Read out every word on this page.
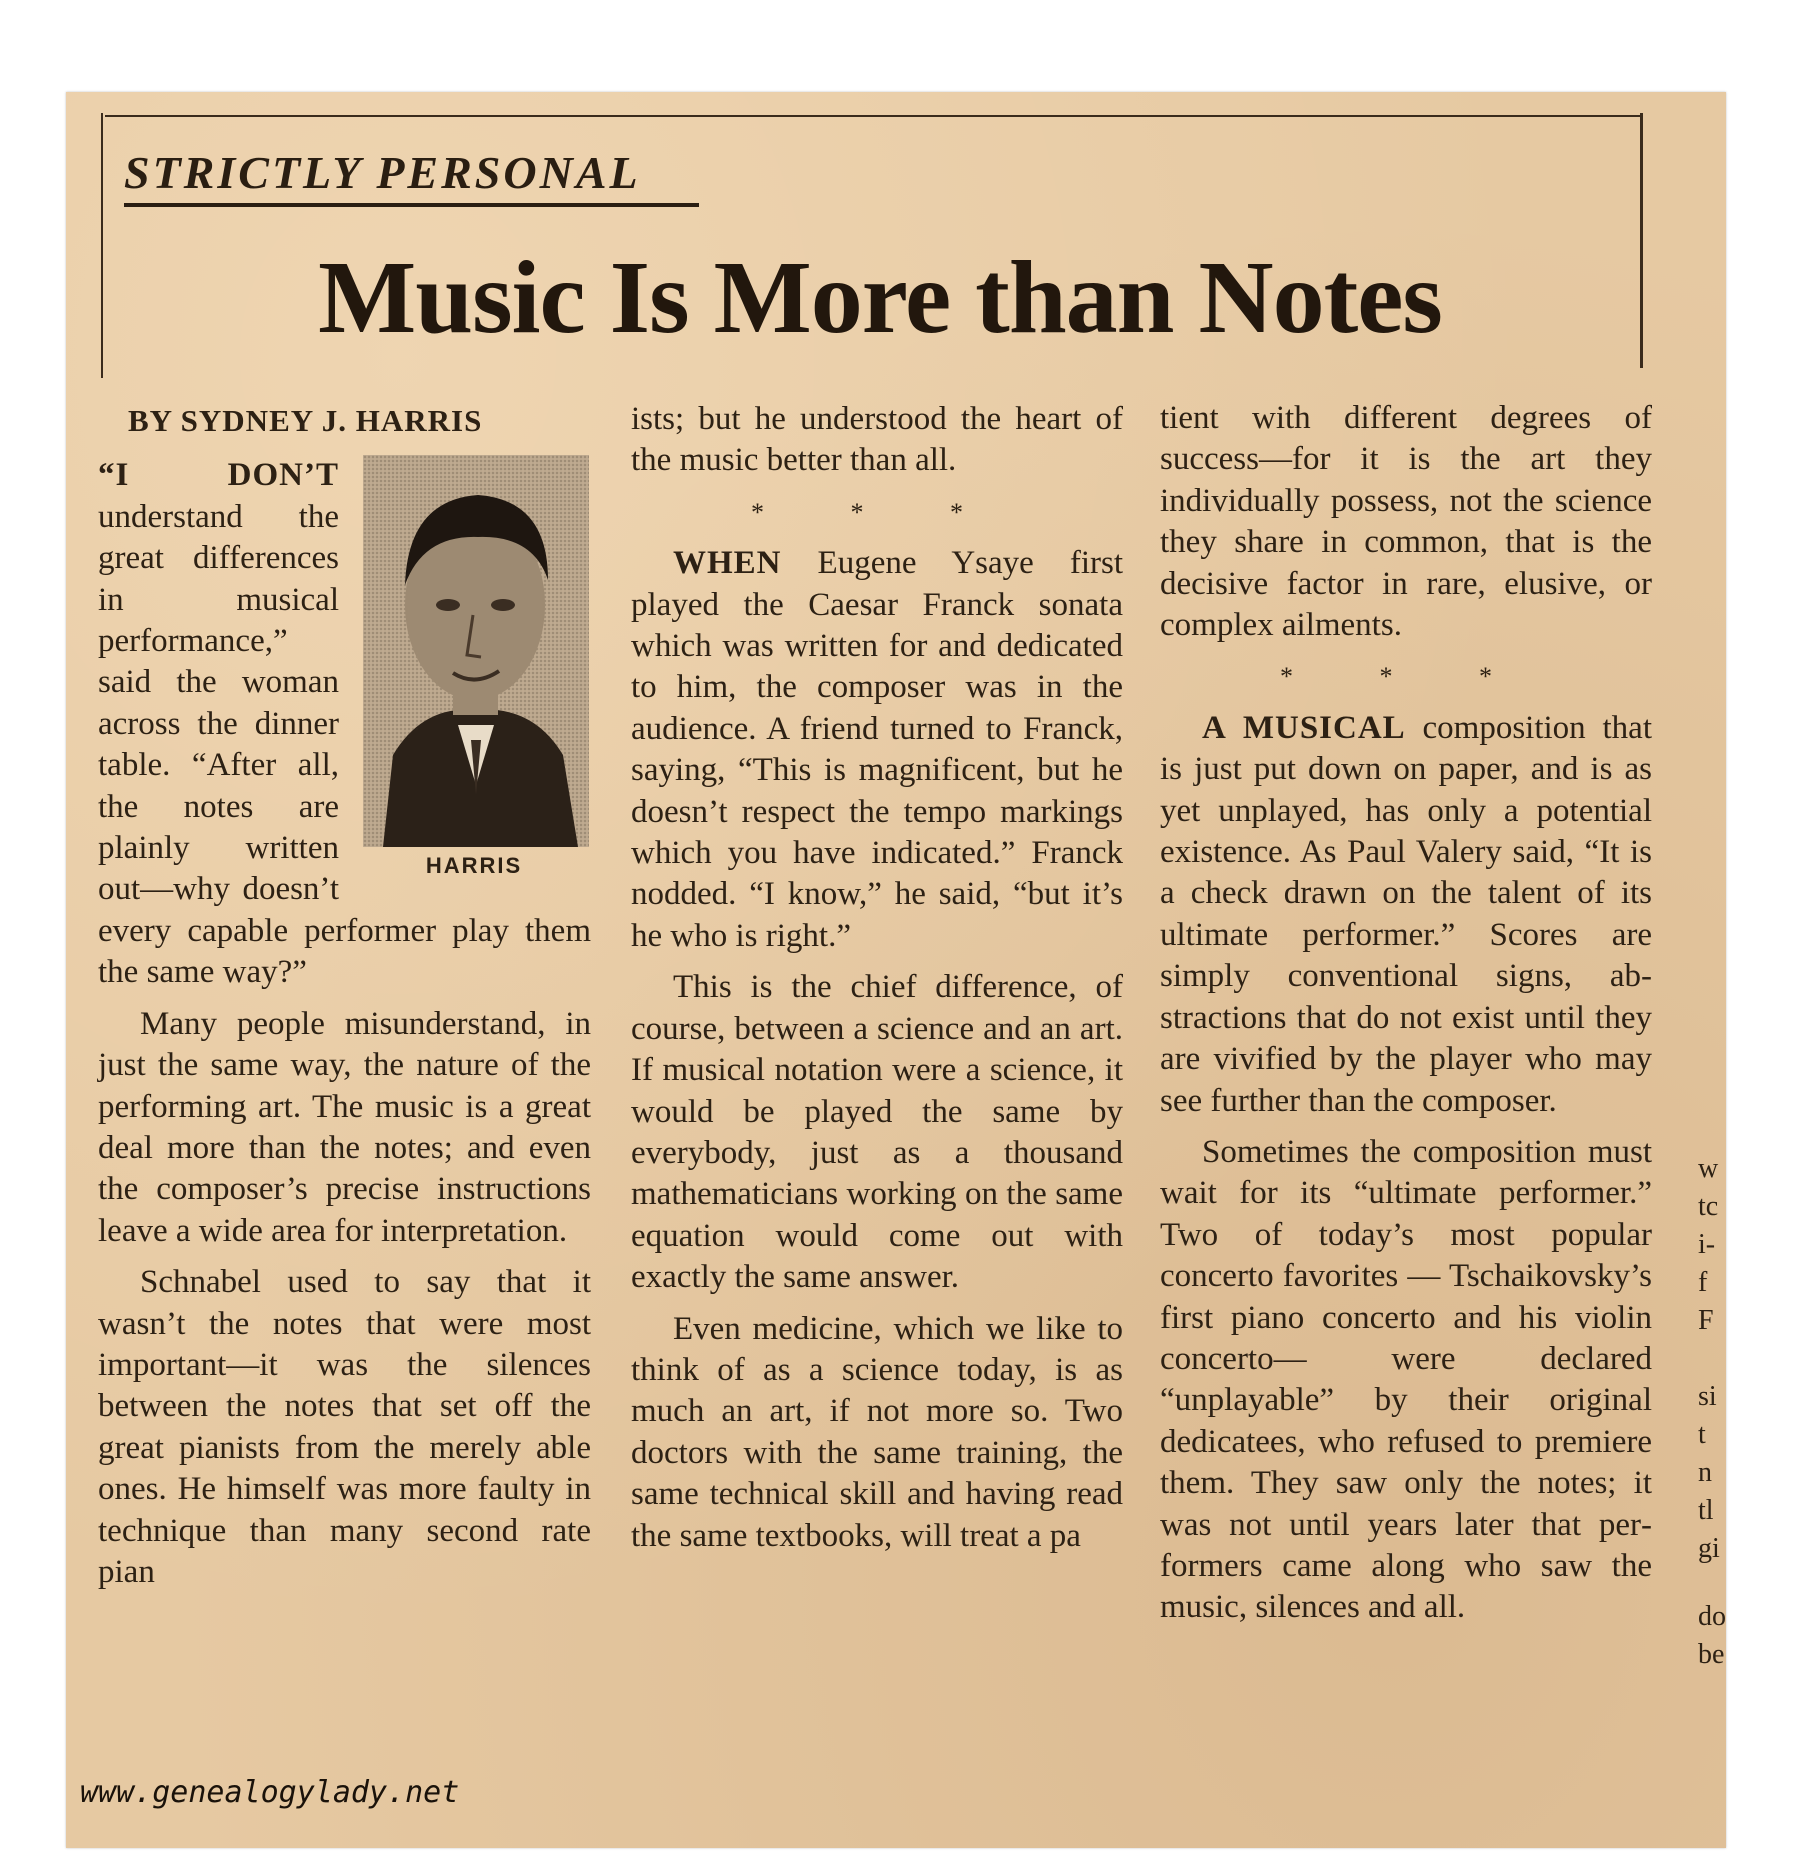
STRICTLY PERSONAL
Music Is More than Notes
BY SYDNEY J. HARRIS
HARRIS

“I DON’T understand the great differences in musical performance,” said the woman across the dinner table. “After all, the notes are plainly written out—why doesn’t every capable performer play them the same way?”

Many people misunderstand, in just the same way, the nature of the performing art. The music is a great deal more than the notes; and even the composer’s precise instructions leave a wide area for interpretation.

Schnabel used to say that it wasn’t the notes that were most important—it was the silences between the notes that set off the great pianists from the merely able ones. He himself was more faulty in technique than many second rate pian

ists; but he understood the heart of the music better than all.

* * *

WHEN Eugene Ysaye first played the Caesar Franck sonata which was written for and dedicated to him, the composer was in the audience. A friend turned to Franck, saying, “This is magnificent, but he doesn’t respect the tempo markings which you have indicated.” Franck nodded. “I know,” he said, “but it’s he who is right.”

This is the chief difference, of course, between a science and an art. If musical notation were a science, it would be played the same by everybody, just as a thousand mathematicians working on the same equation would come out with exactly the same answer.

Even medicine, which we like to think of as a science today, is as much an art, if not more so. Two doctors with the same training, the same technical skill and having read the same textbooks, will treat a pa

tient with different degrees of success—for it is the art they individually possess, not the science they share in common, that is the decisive factor in rare, elusive, or complex ailments.

* * *

A MUSICAL composition that is just put down on paper, and is as yet unplayed, has only a potential existence. As Paul Valery said, “It is a check drawn on the talent of its ultimate performer.” Scores are simply conventional signs, abstractions that do not exist until they are vivified by the player who may see further than the composer.

Sometimes the composition must wait for its “ultimate performer.” Two of today’s most popular concerto favorites — Tschaikovsky’s first piano concerto and his violin concerto— were declared “unplayable” by their original dedicatees, who refused to premiere them. They saw only the notes; it was not until years later that performers came along who saw the music, silences and all.

w
tc
i-
f
F
si
t
n
tl
gi
do
be

www.genealogylady.net
